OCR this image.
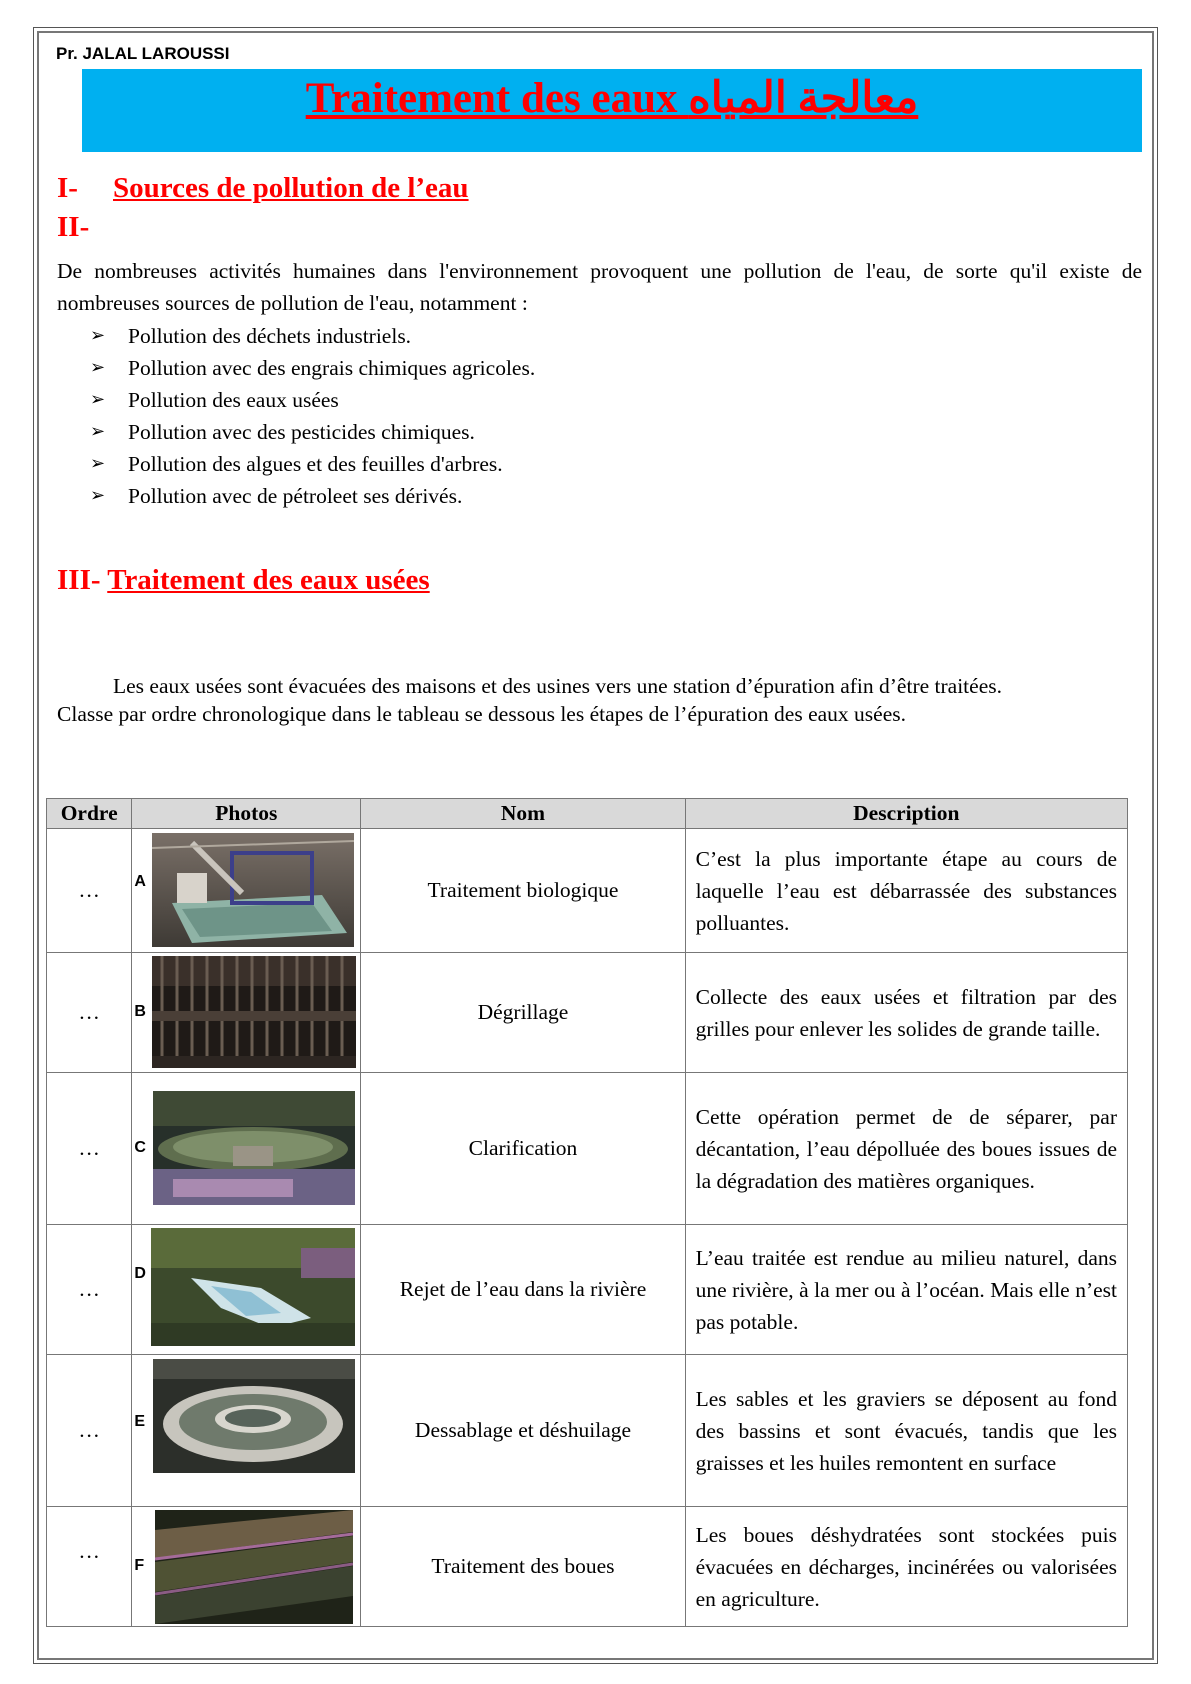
Pr. JALAL LAROUSSI
Traitement des eaux معالجة المياه
I- Sources de pollution de l’eau
II-
De nombreuses activités humaines dans l'environnement provoquent une pollution de l'eau, de sorte qu'il existe de nombreuses sources de pollution de l'eau, notamment :
➢ Pollution des déchets industriels.
➢ Pollution avec des engrais chimiques agricoles.
➢ Pollution des eaux usées
➢ Pollution avec des pesticides chimiques.
➢ Pollution des algues et des feuilles d'arbres.
➢ Pollution avec de pétroleet ses dérivés.
III- Traitement des eaux usées
Les eaux usées sont évacuées des maisons et des usines vers une station d’épuration afin d’être traitées.
Classe par ordre chronologique dans le tableau se dessous les étapes de l’épuration des eaux usées.
Ordre	Photos	Nom	Description
…	A	Traitement biologique	C’est la plus importante étape au cours de laquelle l’eau est débarrassée des substances polluantes.
…	B	Dégrillage	Collecte des eaux usées et filtration par des grilles pour enlever les solides de grande taille.
…	C	Clarification	Cette opération permet de de séparer, par décantation, l’eau dépolluée des boues issues de la dégradation des matières organiques.
…	D	Rejet de l’eau dans la rivière	L’eau traitée est rendue au milieu naturel, dans une rivière, à la mer ou à l’océan. Mais elle n’est pas potable.
…	E	Dessablage et déshuilage	Les sables et les graviers se déposent au fond des bassins et sont évacués, tandis que les graisses et les huiles remontent en surface
…	F	Traitement des boues	Les boues déshydratées sont stockées puis évacuées en décharges, incinérées ou valorisées en agriculture.
